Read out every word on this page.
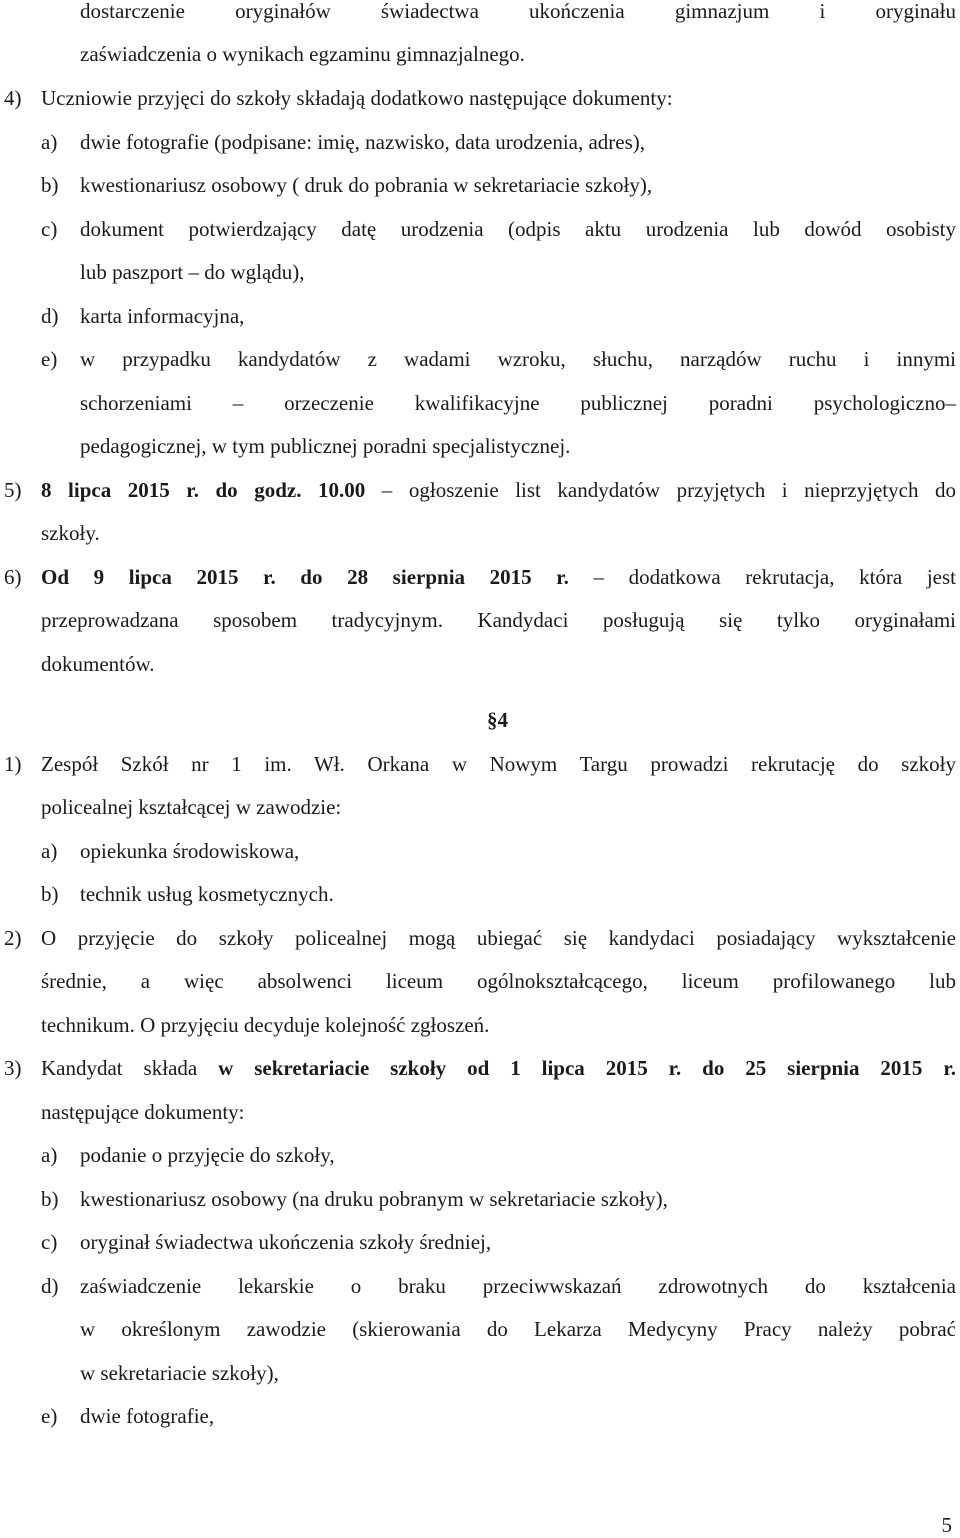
dostarczenie oryginałów świadectwa ukończenia gimnazjum i oryginału
zaświadczenia o wynikach egzaminu gimnazjalnego.
4) Uczniowie przyjęci do szkoły składają dodatkowo następujące dokumenty:
a) dwie fotografie (podpisane: imię, nazwisko, data urodzenia, adres),
b) kwestionariusz osobowy ( druk do pobrania w sekretariacie szkoły),
c) dokument potwierdzający datę urodzenia (odpis aktu urodzenia lub dowód osobisty
lub paszport – do wglądu),
d) karta informacyjna,
e) w przypadku kandydatów z wadami wzroku, słuchu, narządów ruchu i innymi
schorzeniami – orzeczenie kwalifikacyjne publicznej poradni psychologiczno–
pedagogicznej, w tym publicznej poradni specjalistycznej.
5) 8 lipca 2015 r. do godz. 10.00 – ogłoszenie list kandydatów przyjętych i nieprzyjętych do
szkoły.
6) Od 9 lipca 2015 r. do 28 sierpnia 2015 r. – dodatkowa rekrutacja, która jest
przeprowadzana sposobem tradycyjnym. Kandydaci posługują się tylko oryginałami
dokumentów.
§4
1) Zespół Szkół nr 1 im. Wł. Orkana w Nowym Targu prowadzi rekrutację do szkoły
policealnej kształcącej w zawodzie:
a) opiekunka środowiskowa,
b) technik usług kosmetycznych.
2) O przyjęcie do szkoły policealnej mogą ubiegać się kandydaci posiadający wykształcenie
średnie, a więc absolwenci liceum ogólnokształcącego, liceum profilowanego lub
technikum. O przyjęciu decyduje kolejność zgłoszeń.
3) Kandydat składa w sekretariacie szkoły od 1 lipca 2015 r. do 25 sierpnia 2015 r.
następujące dokumenty:
a) podanie o przyjęcie do szkoły,
b) kwestionariusz osobowy (na druku pobranym w sekretariacie szkoły),
c) oryginał świadectwa ukończenia szkoły średniej,
d) zaświadczenie lekarskie o braku przeciwwskazań zdrowotnych do kształcenia
w określonym zawodzie (skierowania do Lekarza Medycyny Pracy należy pobrać
w sekretariacie szkoły),
e) dwie fotografie,
5
